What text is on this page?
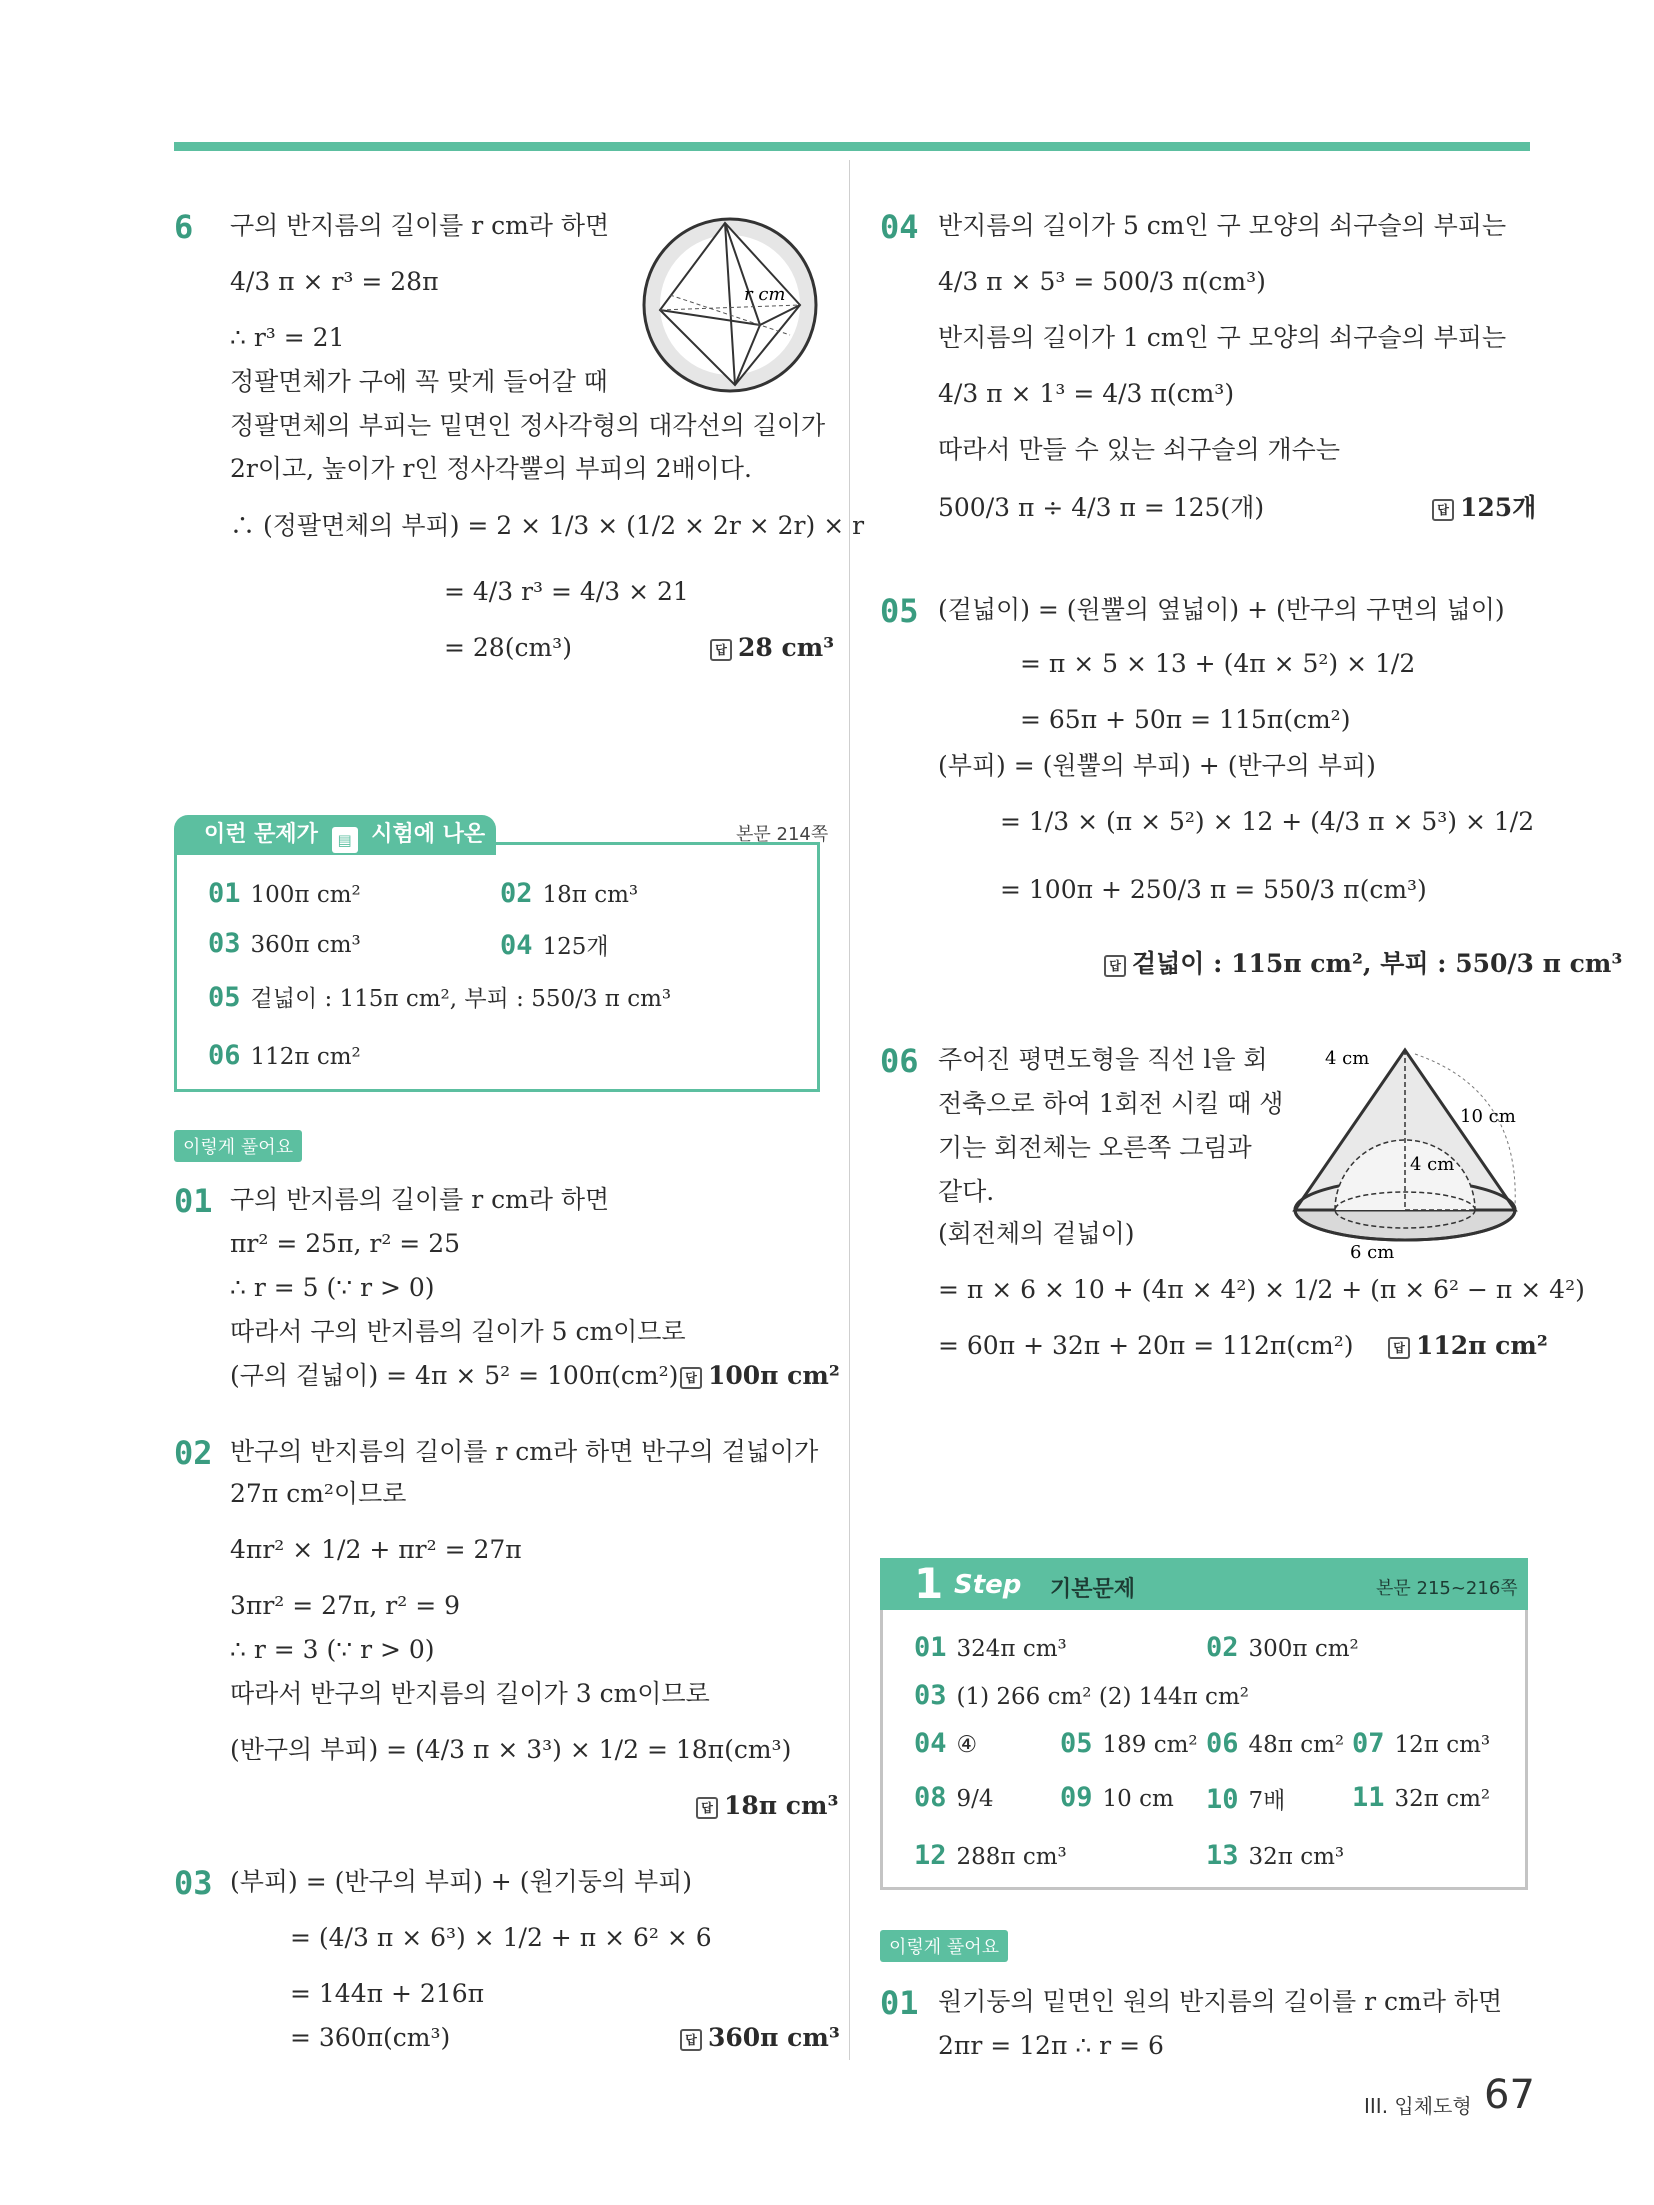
6 구의 반지름의 길이를 r cm라 하면
4/3 π × r³ = 28π
∴ r³ = 21
정팔면체가 구에 꼭 맞게 들어갈 때
정팔면체의 부피는 밑면인 정사각형의 대각선의 길이가
2r이고, 높이가 r인 정사각뿔의 부피의 2배이다.
∴ (정팔면체의 부피) = 2 × 1/3 × (1/2 × 2r × 2r) × r
= 4/3 r³ = 4/3 × 21
= 28(cm³)	답 28 cm³
r cm
이런 문제가 ▤ 시험에 나온다
본문 214쪽
01 100π cm²	02 18π cm³
03 360π cm³	04 125개
05 겉넓이 : 115π cm², 부피 : 550/3 π cm³
06 112π cm²
이렇게 풀어요
01 구의 반지름의 길이를 r cm라 하면
πr² = 25π, r² = 25
∴ r = 5 (∵ r > 0)
따라서 구의 반지름의 길이가 5 cm이므로
(구의 겉넓이) = 4π × 5² = 100π(cm²) 답 100π cm²
02 반구의 반지름의 길이를 r cm라 하면 반구의 겉넓이가
27π cm²이므로
4πr² × 1/2 + πr² = 27π
3πr² = 27π, r² = 9
∴ r = 3 (∵ r > 0)
따라서 반구의 반지름의 길이가 3 cm이므로
(반구의 부피) = (4/3 π × 3³) × 1/2 = 18π(cm³)
답 18π cm³
03 (부피) = (반구의 부피) + (원기둥의 부피)
= (4/3 π × 6³) × 1/2 + π × 6² × 6
= 144π + 216π
= 360π(cm³)	답 360π cm³
04 반지름의 길이가 5 cm인 구 모양의 쇠구슬의 부피는
4/3 π × 5³ = 500/3 π(cm³)
반지름의 길이가 1 cm인 구 모양의 쇠구슬의 부피는
4/3 π × 1³ = 4/3 π(cm³)
따라서 만들 수 있는 쇠구슬의 개수는
500/3 π ÷ 4/3 π = 125(개)	답 125개
05 (겉넓이) = (원뿔의 옆넓이) + (반구의 구면의 넓이)
= π × 5 × 13 + (4π × 5²) × 1/2
= 65π + 50π = 115π(cm²)
(부피) = (원뿔의 부피) + (반구의 부피)
= 1/3 × (π × 5²) × 12 + (4/3 π × 5³) × 1/2
= 100π + 250/3 π = 550/3 π(cm³)
답 겉넓이 : 115π cm², 부피 : 550/3 π cm³
06 주어진 평면도형을 직선 l을 회
전축으로 하여 1회전 시킬 때 생
기는 회전체는 오른쪽 그림과
같다.
(회전체의 겉넓이)
= π × 6 × 10 + (4π × 4²) × 1/2 + (π × 6² − π × 4²)
= 60π + 32π + 20π = 112π(cm²)	답 112π cm²
4 cm
10 cm
4 cm
6 cm
1 Step 기본문제	본문 215~216쪽
01 324π cm³	02 300π cm²
03 (1) 266 cm² (2) 144π cm²
04 ④	05 189 cm² 06 48π cm² 07 12π cm³
08 9/4 09 10 cm 10 7배 11 32π cm²
12 288π cm³	13 32π cm³
이렇게 풀어요
01 원기둥의 밑면인 원의 반지름의 길이를 r cm라 하면
2πr = 12π ∴ r = 6
III. 입체도형 67
